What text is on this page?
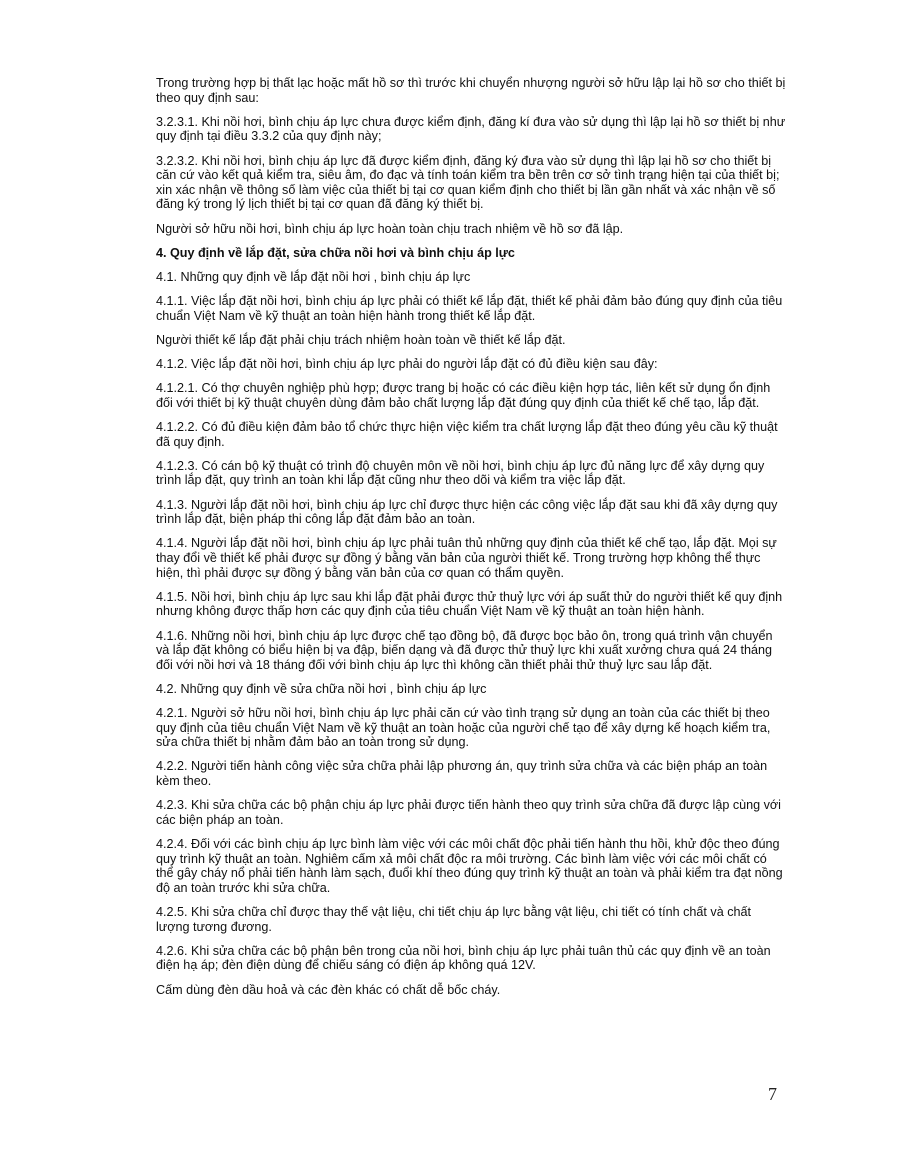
Trong trường hợp bị thất lạc hoặc mất hồ sơ thì trước khi chuyển nhượng người sở hữu lập lại hồ sơ cho thiết bị theo quy định sau:

3.2.3.1. Khi nồi hơi, bình chịu áp lực chưa được kiểm định, đăng kí đưa vào sử dụng thì lập lại hồ sơ thiết bị như quy định tại điều 3.3.2 của quy định này;

3.2.3.2. Khi nồi hơi, bình chịu áp lực đã được kiểm định, đăng ký đưa vào sử dụng thì lập lại hồ sơ cho thiết bị căn cứ vào kết quả kiểm tra, siêu âm, đo đạc và tính toán kiểm tra bền trên cơ sở tình trạng hiện tại của thiết bị; xin xác nhận về thông số làm việc của thiết bị tại cơ quan kiểm định cho thiết bị lần gần nhất và xác nhận về số đăng ký trong lý lịch thiết bị tại cơ quan đã đăng ký thiết bị.

Người sở hữu nồi hơi, bình chịu áp lực hoàn toàn chịu trach nhiệm về hồ sơ đã lập.

4. Quy định về lắp đặt, sửa chữa nồi hơi và bình chịu áp lực

4.1. Những quy định về lắp đặt nồi hơi , bình chịu áp lực

4.1.1. Việc lắp đặt nồi hơi, bình chịu áp lực phải có thiết kế lắp đặt, thiết kế phải đảm bảo đúng quy định của tiêu chuẩn Việt Nam về kỹ thuật an toàn hiện hành trong thiết kế lắp đặt.

Người thiết kế lắp đặt phải chịu trách nhiệm hoàn toàn về thiết kế lắp đặt.

4.1.2. Việc lắp đặt nồi hơi, bình chịu áp lực phải do người lắp đặt có đủ điều kiện sau đây:

4.1.2.1. Có thợ chuyên nghiệp phù hợp; được trang bị hoặc có các điều kiện hợp tác, liên kết sử dụng ổn định đối với thiết bị kỹ thuật chuyên dùng đảm bảo chất lượng lắp đặt đúng quy định của thiết kế chế tạo, lắp đặt.

4.1.2.2. Có đủ điều kiện đảm bảo tổ chức thực hiện việc kiểm tra chất lượng lắp đặt theo đúng yêu cầu kỹ thuật đã quy định.

4.1.2.3. Có cán bộ kỹ thuật có trình độ chuyên môn về nồi hơi, bình chịu áp lực đủ năng lực để xây dựng quy trình lắp đặt, quy trình an toàn khi lắp đặt cũng như theo dõi và kiểm tra việc lắp đặt.

4.1.3. Người lắp đặt nồi hơi, bình chịu áp lực chỉ được thực hiện các công việc lắp đặt sau khi đã xây dựng quy trình lắp đặt, biện pháp thi công lắp đặt đảm bảo an toàn.

4.1.4. Người lắp đặt nồi hơi, bình chịu áp lực phải tuân thủ những quy định của thiết kế chế tạo, lắp đặt. Mọi sự thay đổi về thiết kế phải được sự đồng ý bằng văn bản của người thiết kế. Trong trường hợp không thể thực hiện, thì phải được sự đồng ý bằng văn bản của cơ quan có thẩm quyền.

4.1.5. Nồi hơi, bình chịu áp lực sau khi lắp đặt phải được thử thuỷ lực với áp suất thử do người thiết kế quy định nhưng không được thấp hơn các quy định của tiêu chuẩn Việt Nam về kỹ thuật an toàn hiện hành.

4.1.6. Những nồi hơi, bình chịu áp lực được chế tạo đồng bộ, đã được bọc bảo ôn, trong quá trình vận chuyển và lắp đặt không có biểu hiện bị va đập, biến dạng và đã được thử thuỷ lực khi xuất xưởng chưa quá 24 tháng đối với nồi hơi và 18 tháng đối với bình chịu áp lực thì không cần thiết phải thử thuỷ lực sau lắp đặt.

4.2. Những quy định về sửa chữa nồi hơi , bình chịu áp lực

4.2.1. Người sở hữu nồi hơi, bình chịu áp lực phải căn cứ vào tình trạng sử dụng an toàn của các thiết bị theo quy định của tiêu chuẩn Việt Nam về kỹ thuật an toàn hoặc của người chế tạo để xây dựng kế hoạch kiểm tra, sửa chữa thiết bị nhằm đảm bảo an toàn trong sử dụng.

4.2.2. Người tiến hành công việc sửa chữa phải lập phương án, quy trình sửa chữa và các biện pháp an toàn kèm theo.

4.2.3. Khi sửa chữa các bộ phận chịu áp lực phải được tiến hành theo quy trình sửa chữa đã được lập cùng với các biện pháp an toàn.

4.2.4. Đối với các bình chịu áp lực bình làm việc với các môi chất độc phải tiến hành thu hồi, khử độc theo đúng quy trình kỹ thuật an toàn. Nghiêm cấm xả môi chất độc ra môi trường. Các bình làm việc với các môi chất có thể gây cháy nổ phải tiến hành làm sạch, đuổi khí theo đúng quy trình kỹ thuật an toàn và phải kiểm tra đạt nồng độ an toàn trước khi sửa chữa.

4.2.5. Khi sửa chữa chỉ được thay thế vật liệu, chi tiết chịu áp lực bằng vật liệu, chi tiết có tính chất và chất lượng tương đương.

4.2.6. Khi sửa chữa các bộ phận bên trong của nồi hơi, bình chịu áp lực phải tuân thủ các quy định về an toàn điện hạ áp; đèn điện dùng để chiếu sáng có điện áp không quá 12V.

Cấm dùng đèn dầu hoả và các đèn khác có chất dễ bốc cháy.

7
